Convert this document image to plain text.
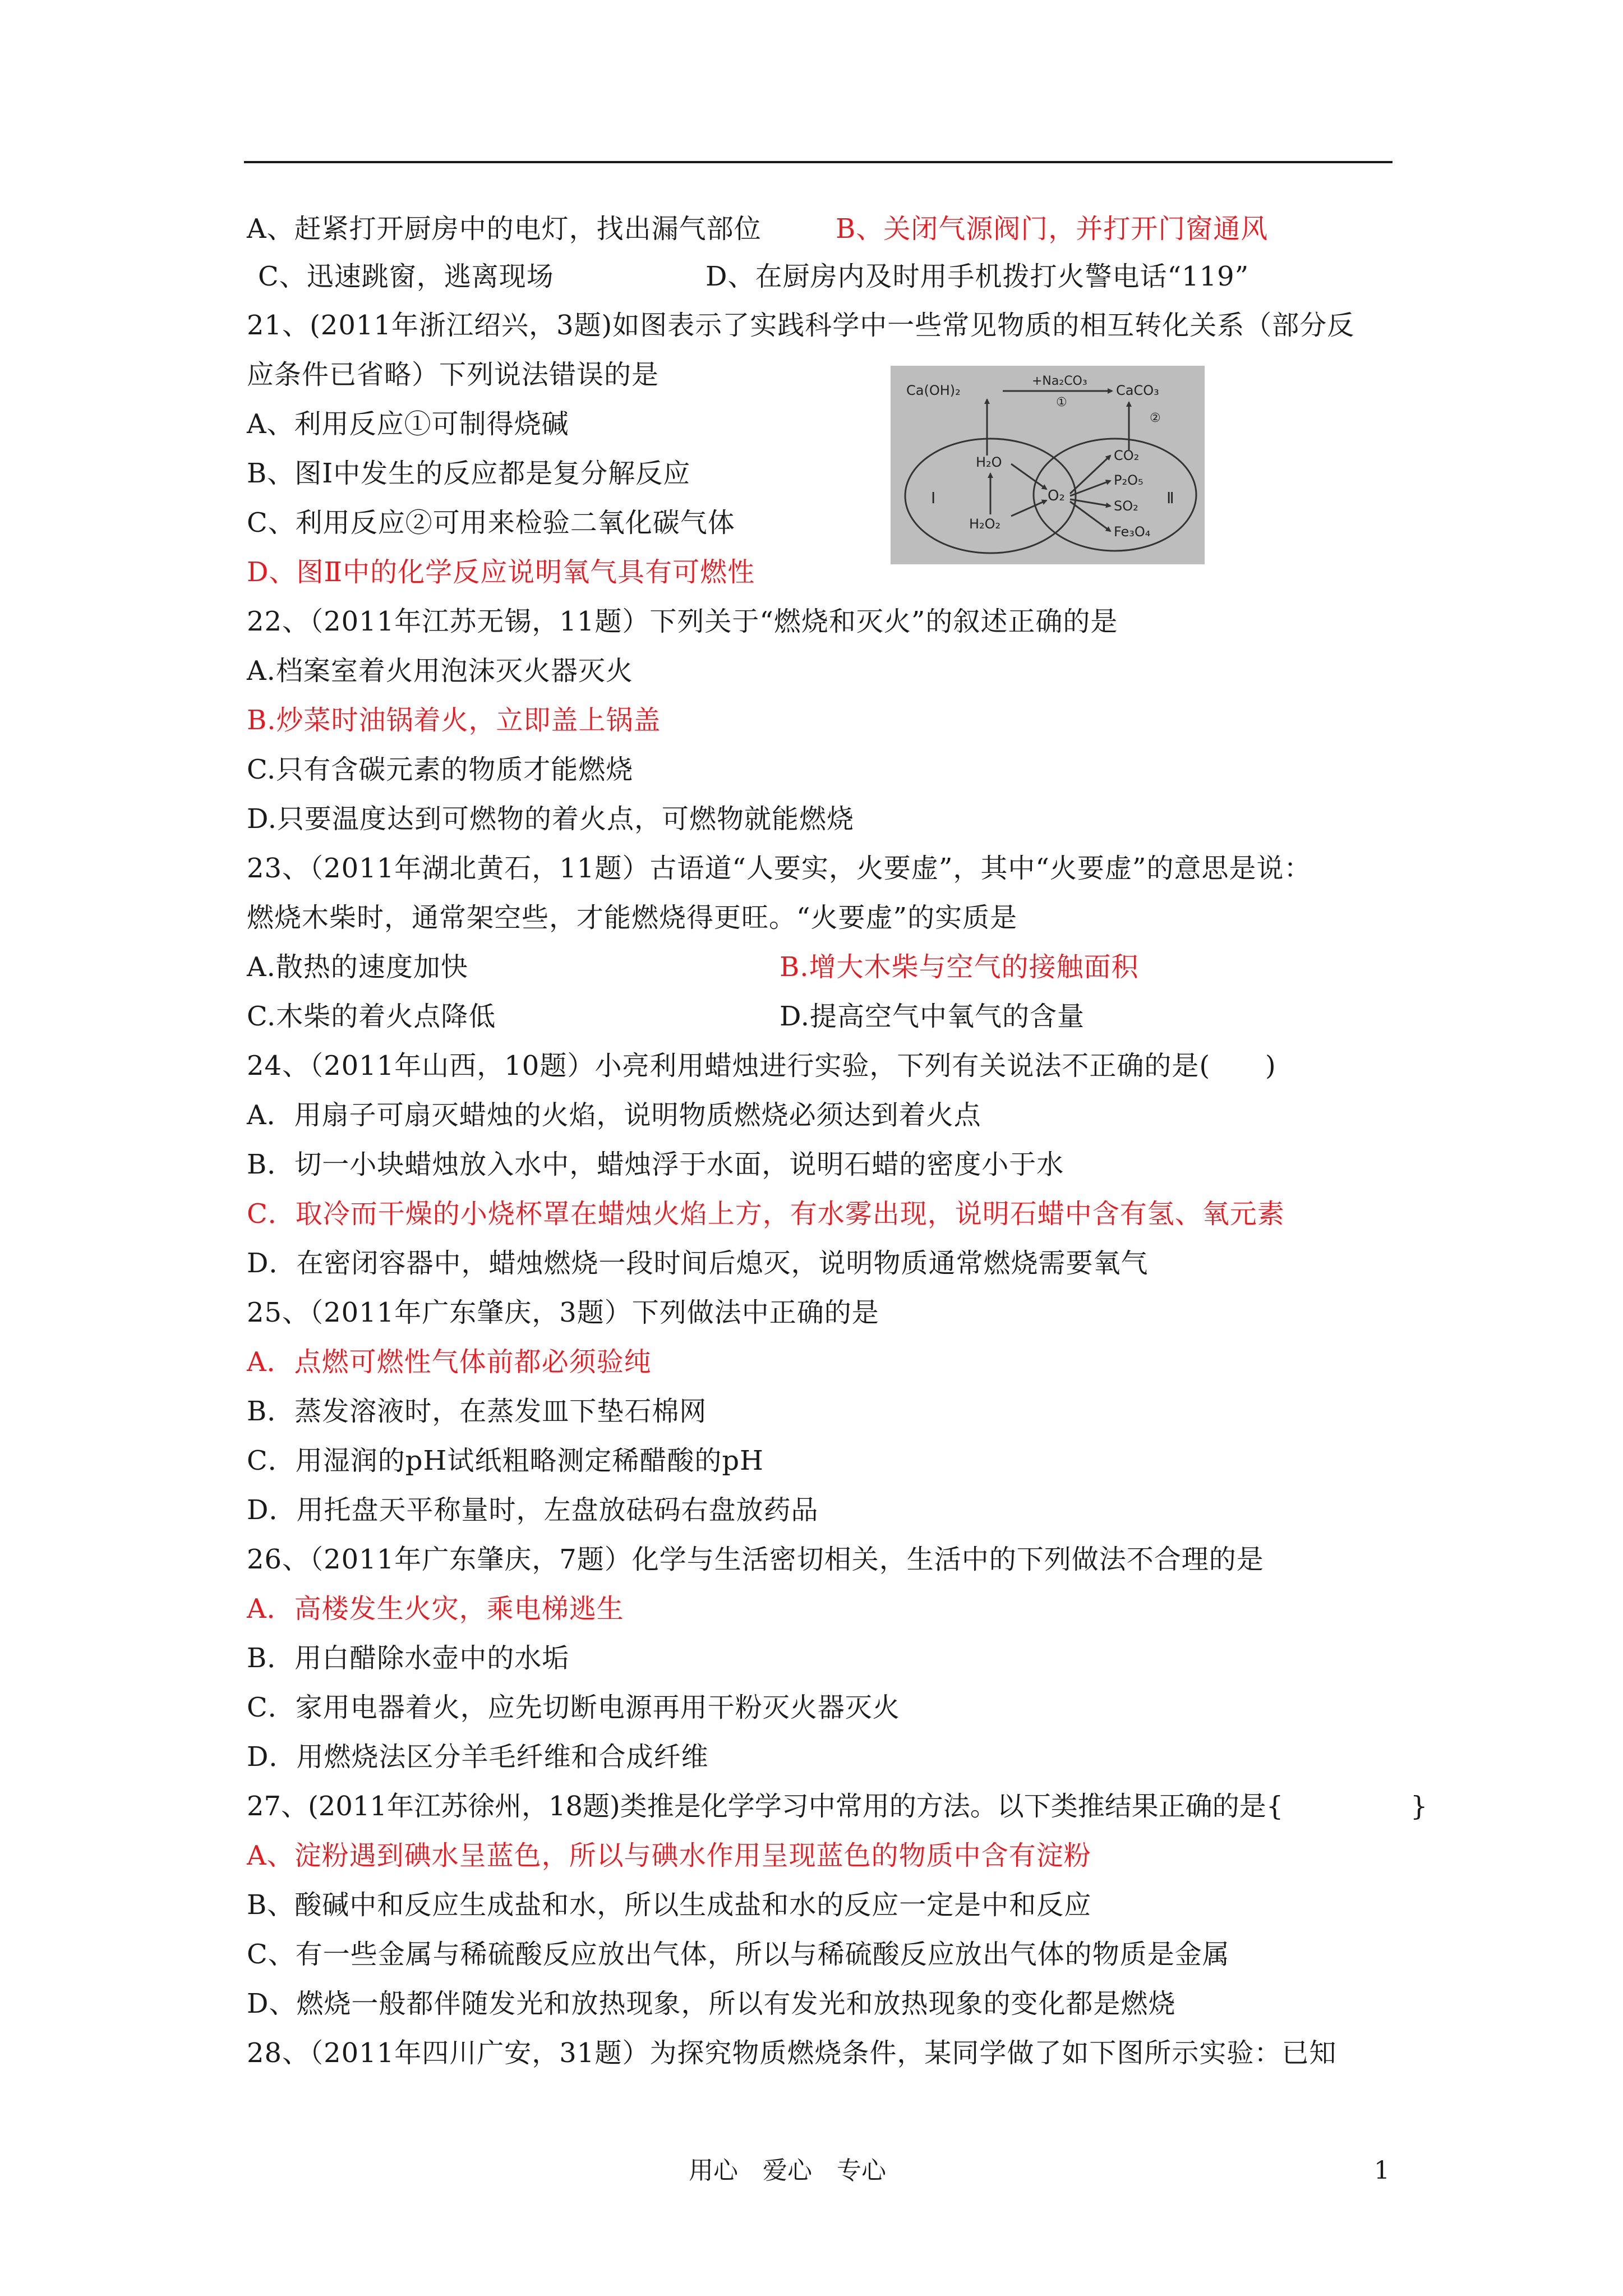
A、赶紧打开厨房中的电灯，找出漏气部位	B、关闭气源阀门，并打开门窗通风
C、迅速跳窗，逃离现场	D、在厨房内及时用手机拨打火警电话“119”
21、(2011年浙江绍兴，3题)如图表示了实践科学中一些常见物质的相互转化关系（部分反
应条件已省略）下列说法错误的是
A、利用反应①可制得烧碱
B、图Ⅰ中发生的反应都是复分解反应
C、利用反应②可用来检验二氧化碳气体
D、图Ⅱ中的化学反应说明氧气具有可燃性
22、（2011年江苏无锡，11题）下列关于“燃烧和灭火”的叙述正确的是
A.档案室着火用泡沫灭火器灭火
B.炒菜时油锅着火，立即盖上锅盖
C.只有含碳元素的物质才能燃烧
D.只要温度达到可燃物的着火点，可燃物就能燃烧
23、（2011年湖北黄石，11题）古语道“人要实，火要虚”，其中“火要虚”的意思是说：
燃烧木柴时，通常架空些，才能燃烧得更旺。“火要虚”的实质是
A.散热的速度加快	B.增大木柴与空气的接触面积
C.木柴的着火点降低	D.提高空气中氧气的含量
24、（2011年山西，10题）小亮利用蜡烛进行实验，下列有关说法不正确的是(　　)
A．用扇子可扇灭蜡烛的火焰，说明物质燃烧必须达到着火点
B．切一小块蜡烛放入水中，蜡烛浮于水面，说明石蜡的密度小于水
C．取冷而干燥的小烧杯罩在蜡烛火焰上方，有水雾出现，说明石蜡中含有氢、氧元素
D．在密闭容器中，蜡烛燃烧一段时间后熄灭，说明物质通常燃烧需要氧气
25、（2011年广东肇庆，3题）下列做法中正确的是
A．点燃可燃性气体前都必须验纯
B．蒸发溶液时，在蒸发皿下垫石棉网
C．用湿润的pH试纸粗略测定稀醋酸的pH
D．用托盘天平称量时，左盘放砝码右盘放药品
26、（2011年广东肇庆，7题）化学与生活密切相关，生活中的下列做法不合理的是
A．高楼发生火灾，乘电梯逃生
B．用白醋除水壶中的水垢
C．家用电器着火，应先切断电源再用干粉灭火器灭火
D．用燃烧法区分羊毛纤维和合成纤维
27、(2011年江苏徐州，18题)类推是化学学习中常用的方法。以下类推结果正确的是{	}
A、淀粉遇到碘水呈蓝色，所以与碘水作用呈现蓝色的物质中含有淀粉
B、酸碱中和反应生成盐和水，所以生成盐和水的反应一定是中和反应
C、有一些金属与稀硫酸反应放出气体，所以与稀硫酸反应放出气体的物质是金属
D、燃烧一般都伴随发光和放热现象，所以有发光和放热现象的变化都是燃烧
28、（2011年四川广安，31题）为探究物质燃烧条件，某同学做了如下图所示实验：已知
Ca(OH)₂
+Na₂CO₃
①
CaCO₃
②
Ⅰ	Ⅱ
H₂O
H₂O₂
O₂
CO₂
P₂O₅
SO₂
Fe₃O₄
用心　爱心　专心	1
